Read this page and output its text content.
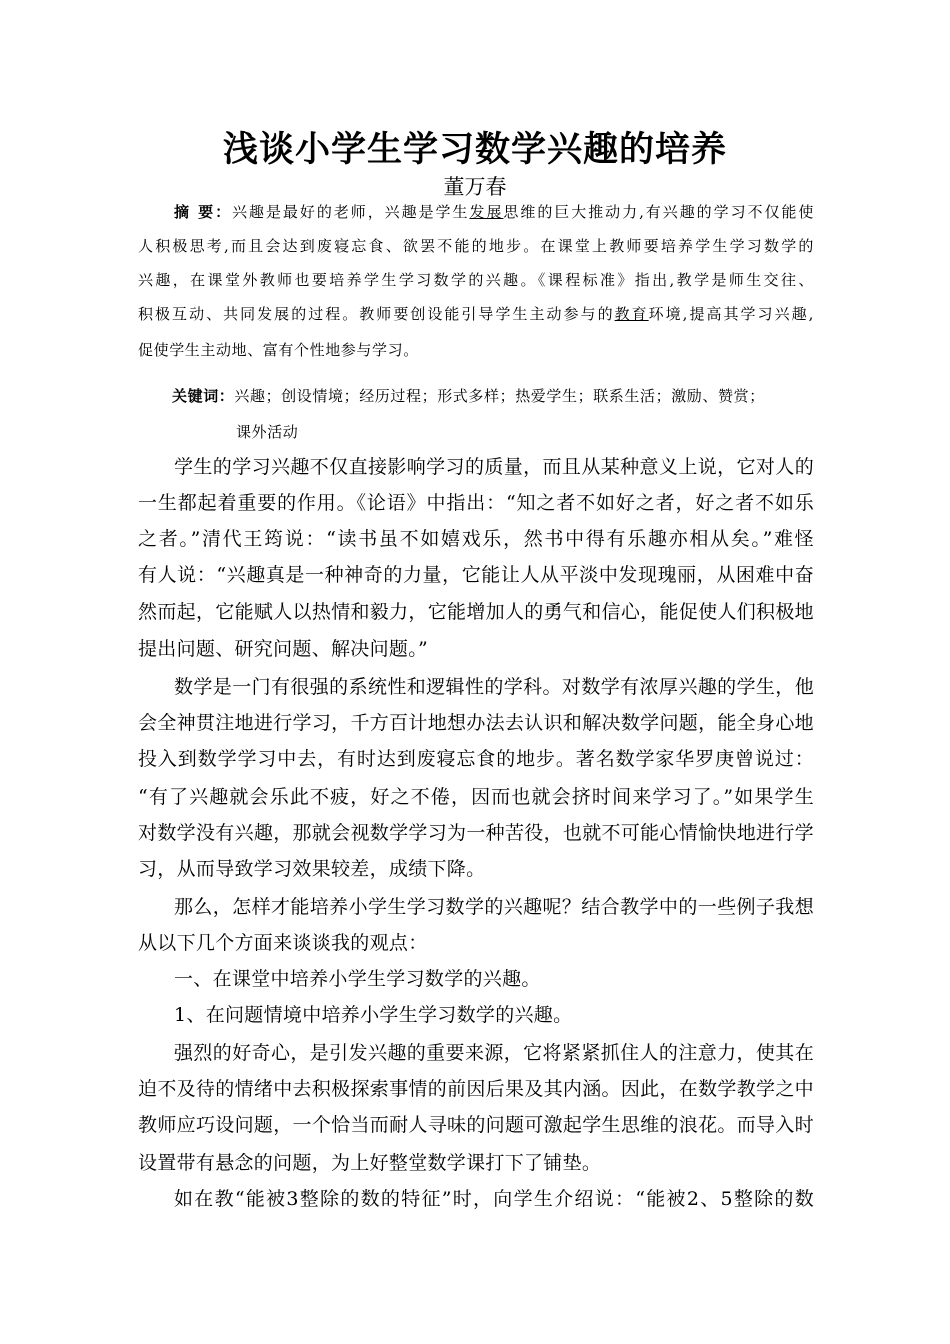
浅谈小学生学习数学兴趣的培养
董万春
摘 要：兴趣是最好的老师，兴趣是学生发展思维的巨大推动力,有兴趣的学习不仅能使
人积极思考,而且会达到废寝忘食、欲罢不能的地步。在课堂上教师要培养学生学习数学的
兴趣，在课堂外教师也要培养学生学习数学的兴趣。《课程标准》指出,教学是师生交往、
积极互动、共同发展的过程。教师要创设能引导学生主动参与的教育环境,提高其学习兴趣,
促使学生主动地、富有个性地参与学习。
关键词：兴趣；创设情境；经历过程；形式多样；热爱学生；联系生活；激励、赞赏；
课外活动
学生的学习兴趣不仅直接影响学习的质量，而且从某种意义上说，它对人的
一生都起着重要的作用。《论语》中指出：“知之者不如好之者，好之者不如乐
之者。”清代王筠说：“读书虽不如嬉戏乐，然书中得有乐趣亦相从矣。”难怪
有人说：“兴趣真是一种神奇的力量，它能让人从平淡中发现瑰丽，从困难中奋
然而起，它能赋人以热情和毅力，它能增加人的勇气和信心，能促使人们积极地
提出问题、研究问题、解决问题。”
数学是一门有很强的系统性和逻辑性的学科。对数学有浓厚兴趣的学生，他
会全神贯注地进行学习，千方百计地想办法去认识和解决数学问题，能全身心地
投入到数学学习中去，有时达到废寝忘食的地步。著名数学家华罗庚曾说过：
“有了兴趣就会乐此不疲，好之不倦，因而也就会挤时间来学习了。”如果学生
对数学没有兴趣，那就会视数学学习为一种苦役，也就不可能心情愉快地进行学
习，从而导致学习效果较差，成绩下降。
那么，怎样才能培养小学生学习数学的兴趣呢？结合教学中的一些例子我想
从以下几个方面来谈谈我的观点：
一、在课堂中培养小学生学习数学的兴趣。
1、在问题情境中培养小学生学习数学的兴趣。
强烈的好奇心，是引发兴趣的重要来源，它将紧紧抓住人的注意力，使其在
迫不及待的情绪中去积极探索事情的前因后果及其内涵。因此，在数学教学之中
教师应巧设问题，一个恰当而耐人寻味的问题可激起学生思维的浪花。而导入时
设置带有悬念的问题，为上好整堂数学课打下了铺垫。
如在教“能被3整除的数的特征”时，向学生介绍说：“能被2、5整除的数
